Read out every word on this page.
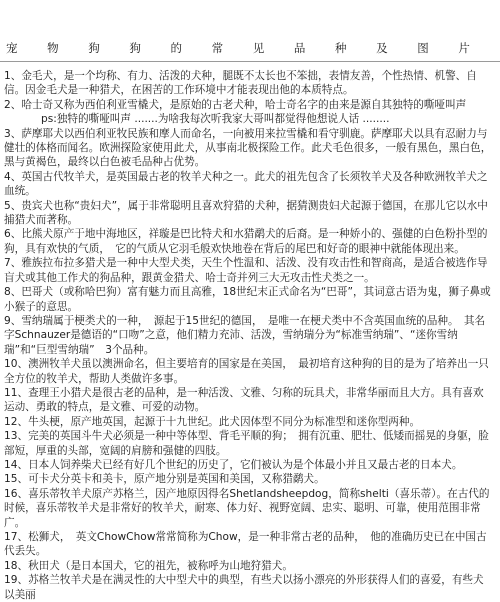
宠	物	狗	狗	的	常	见	品	种	及	图	片

1、金毛犬，是一个均称、有力、活泼的犬种，腿既不太长也不笨拙，表情友善，个性热情、机警、自信。因金毛犬是一种猎犬，在困苦的工作环境中才能表现出他的本质特点。

2、哈士奇又称为西伯利亚雪橇犬，是原始的古老犬种，哈士奇名字的由来是源自其独特的嘶哑叫声

ps:独特的嘶哑叫声 .......为啥我每次听我家大哥叫都觉得他想说人话 ........

3、萨摩耶犬以西伯利亚牧民族和摩人而命名，一向被用来拉雪橇和看守驯鹿。萨摩耶犬以具有忍耐力与健壮的体格而闻名。欧洲探险家使用此犬，从事南北极探险工作。此犬毛色很多，一般有黑色，黑白色，黑与黄褐色，最终以白色被毛品种占优势。

4、英国古代牧羊犬，是英国最古老的牧羊犬种之一。此犬的祖先包含了长须牧羊犬及各种欧洲牧羊犬之血统。

5、贵宾犬也称“贵妇犬”，属于非常聪明且喜欢狩猎的犬种，据猜测贵妇犬起源于德国，在那儿它以水中捕猎犬而著称。

6、比熊犬原产于地中海地区，祥璇是巴比特犬和水猎鹬犬的后裔。是一种娇小的、强健的白色粉扑型的狗，具有欢快的气质，　它的气质从它羽毛般欢快地卷在背后的尾巴和好奇的眼神中就能体现出来。

7、雅族拉布拉多猎犬是一种中大型犬类，天生个性温和、活泼、没有攻击性和智商高，是适合被选作导盲犬或其他工作犬的狗品种，跟黄金猎犬、哈士奇并列三大无攻击性犬类之一。

8、巴哥犬（或称哈巴狗）富有魅力而且高雅，18世纪末正式命名为“巴哥”，其词意古语为鬼，狮子鼻或小猴子的意思。

9、雪纳瑞属于梗类犬的一种，　源起于15世纪的德国，　是唯一在梗犬类中不含英国血统的品种。　其名字Schnauzer是德语的“口吻”之意，他们精力充沛、活泼，雪纳瑞分为“标准雪纳瑞”、“迷你雪纳瑞”和“巨型雪纳瑞”　3个品种。

10、澳洲牧羊犬虽以澳洲命名，但主要培育的国家是在美国，　最初培育这种狗的目的是为了培养出一只全方位的牧羊犬，帮助人类做许多事。

11、查理王小猎犬是很古老的品种，是一种活泼、文雅、匀称的玩具犬，非常华丽而且大方。具有喜欢运动、勇敢的特点，是文雅、可爱的动物。

12、牛头梗，原产地英国，起源于十九世纪。此犬因体型不同分为标准型和迷你型两种。

13、完美的英国斗牛犬必须是一种中等体型、背毛平顺的狗；　拥有沉重、肥壮、低矮而摇晃的身躯，脸部短，厚重的头部，宽阔的肩膀和强健的四肢。

14、日本人饲养柴犬已经有好几个世纪的历史了，它们被认为是个体最小并且又最古老的日本犬。

15、可卡犬分英卡和美卡，原产地分别是英国和美国，又称猎鹬犬。

16、喜乐蒂牧羊犬原产苏格兰，因产地原因得名Shetlandsheepdog，简称shelti（喜乐蒂）。在古代的时候，喜乐蒂牧羊犬是非常好的牧羊犬，耐寒、体力好、视野宽阔、忠实、聪明、可靠，使用范围非常广。

17、松狮犬，　英文ChowChow常常简称为Chow，是一种非常古老的品种，　他的准确历史已在中国古代丢失。

18、秋田犬（是日本国犬，它的祖先，被称呼为山地狩猎犬。

19、苏格兰牧羊犬是在满灵性的大中型犬中的典型，有些犬以扬小漂亮的外形获得人们的喜爱，有些犬以美丽
